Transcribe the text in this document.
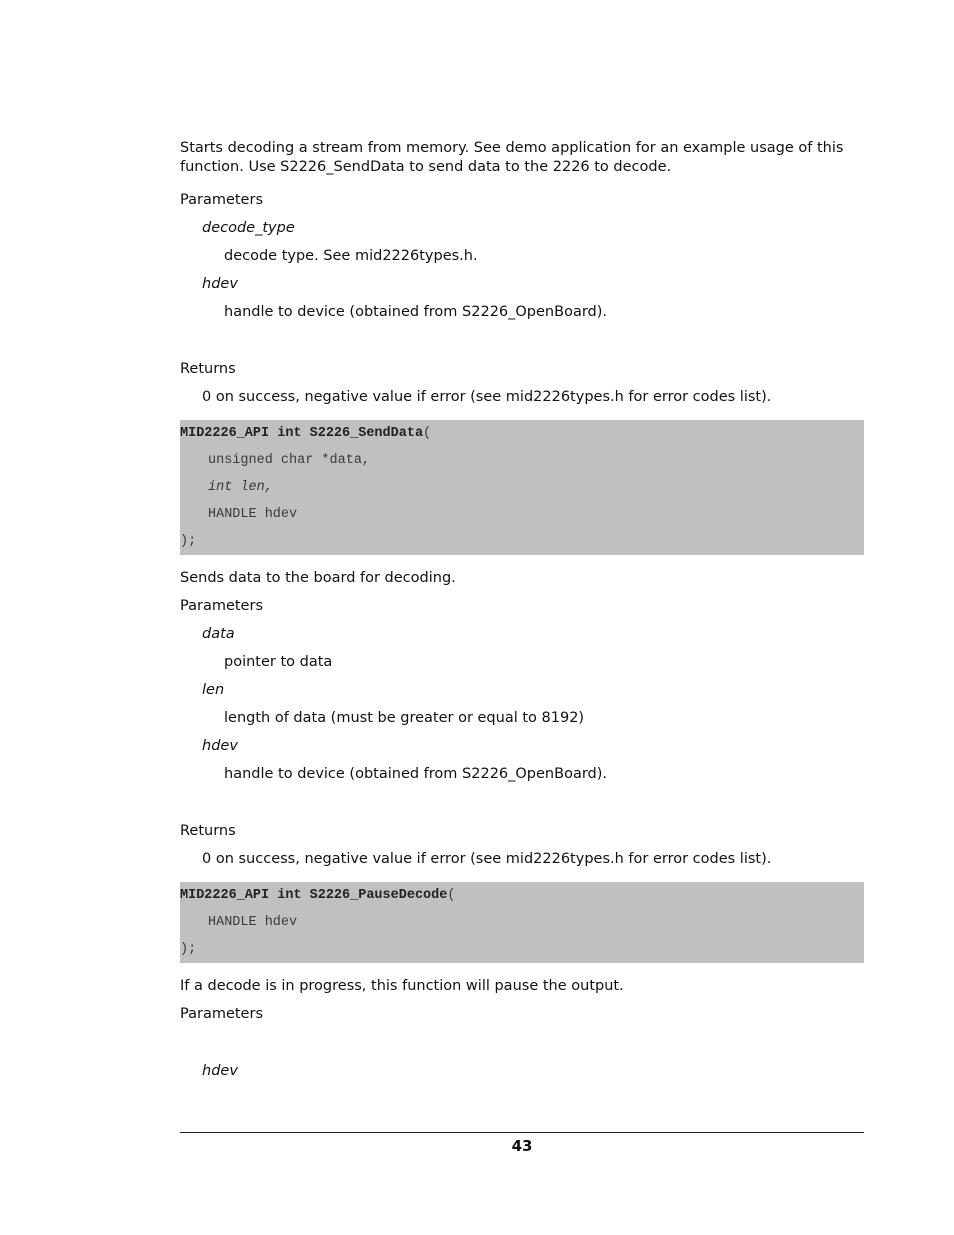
Starts decoding a stream from memory. See demo application for an example usage of this

function. Use S2226_SendData to send data to the 2226 to decode.

Parameters
decode_type
decode type. See mid2226types.h.
hdev
handle to device (obtained from S2226_OpenBoard).
Returns
0 on success, negative value if error (see mid2226types.h for error codes list).
MID2226_API int S2226_SendData(
unsigned char *data,
int len,
HANDLE hdev
);
Sends data to the board for decoding.
Parameters
data
pointer to data
len
length of data (must be greater or equal to 8192)
hdev
handle to device (obtained from S2226_OpenBoard).
Returns
0 on success, negative value if error (see mid2226types.h for error codes list).
MID2226_API int S2226_PauseDecode(
HANDLE hdev
);
If a decode is in progress, this function will pause the output.
Parameters
hdev
43
